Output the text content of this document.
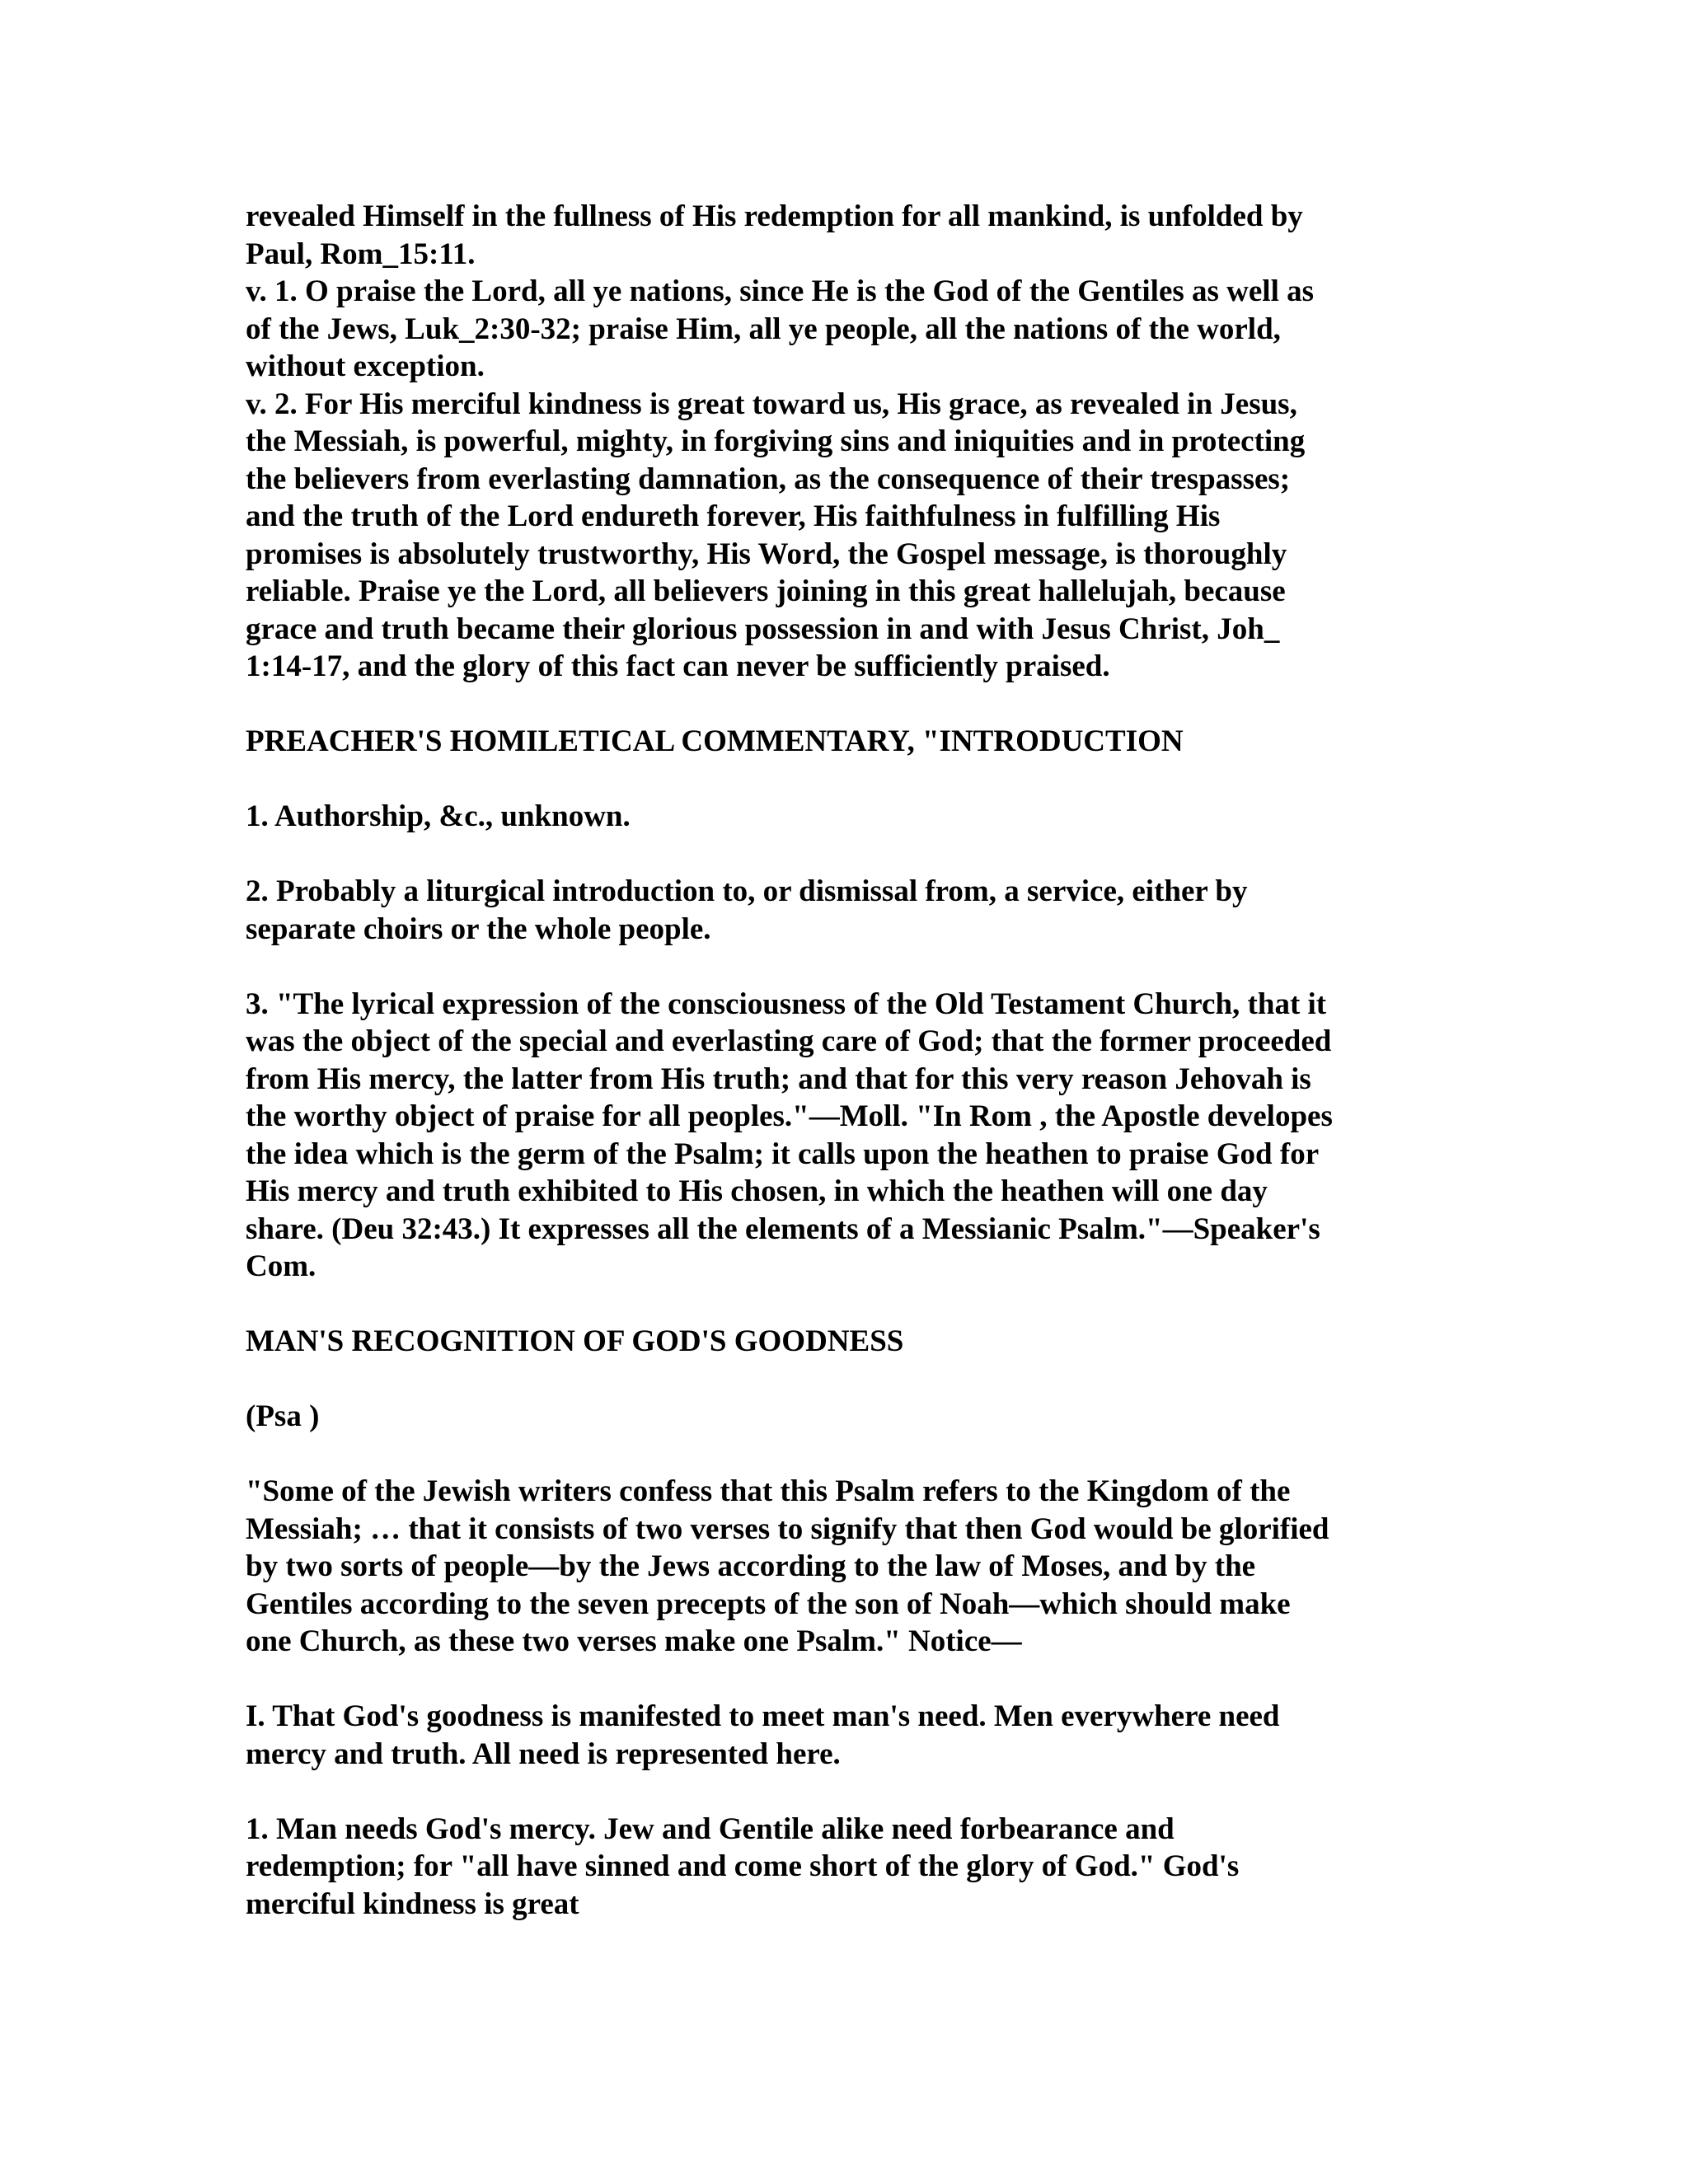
revealed Himself in the fullness of His redemption for all mankind, is unfolded by

Paul, Rom_15:11.

v. 1. O praise the Lord, all ye nations, since He is the God of the Gentiles as well as

of the Jews, Luk_2:30-32; praise Him, all ye people, all the nations of the world,

without exception.

v. 2. For His merciful kindness is great toward us, His grace, as revealed in Jesus,

the Messiah, is powerful, mighty, in forgiving sins and iniquities and in protecting

the believers from everlasting damnation, as the consequence of their trespasses;

and the truth of the Lord endureth forever, His faithfulness in fulfilling His

promises is absolutely trustworthy, His Word, the Gospel message, is thoroughly

reliable. Praise ye the Lord, all believers joining in this great hallelujah, because

grace and truth became their glorious possession in and with Jesus Christ, Joh_

1:14-17, and the glory of this fact can never be sufficiently praised.

PREACHER'S HOMILETICAL COMMENTARY, "INTRODUCTION

1. Authorship, &c., unknown.

2. Probably a liturgical introduction to, or dismissal from, a service, either by

separate choirs or the whole people.

3. "The lyrical expression of the consciousness of the Old Testament Church, that it

was the object of the special and everlasting care of God; that the former proceeded

from His mercy, the latter from His truth; and that for this very reason Jehovah is

the worthy object of praise for all peoples."—Moll. "In Rom , the Apostle developes

the idea which is the germ of the Psalm; it calls upon the heathen to praise God for

His mercy and truth exhibited to His chosen, in which the heathen will one day

share. (Deu 32:43.) It expresses all the elements of a Messianic Psalm."—Speaker's

Com.

MAN'S RECOGNITION OF GOD'S GOODNESS

(Psa )

"Some of the Jewish writers confess that this Psalm refers to the Kingdom of the

Messiah; … that it consists of two verses to signify that then God would be glorified

by two sorts of people—by the Jews according to the law of Moses, and by the

Gentiles according to the seven precepts of the son of Noah—which should make

one Church, as these two verses make one Psalm." Notice—

I. That God's goodness is manifested to meet man's need. Men everywhere need

mercy and truth. All need is represented here.

1. Man needs God's mercy. Jew and Gentile alike need forbearance and

redemption; for "all have sinned and come short of the glory of God." God's

merciful kindness is great
